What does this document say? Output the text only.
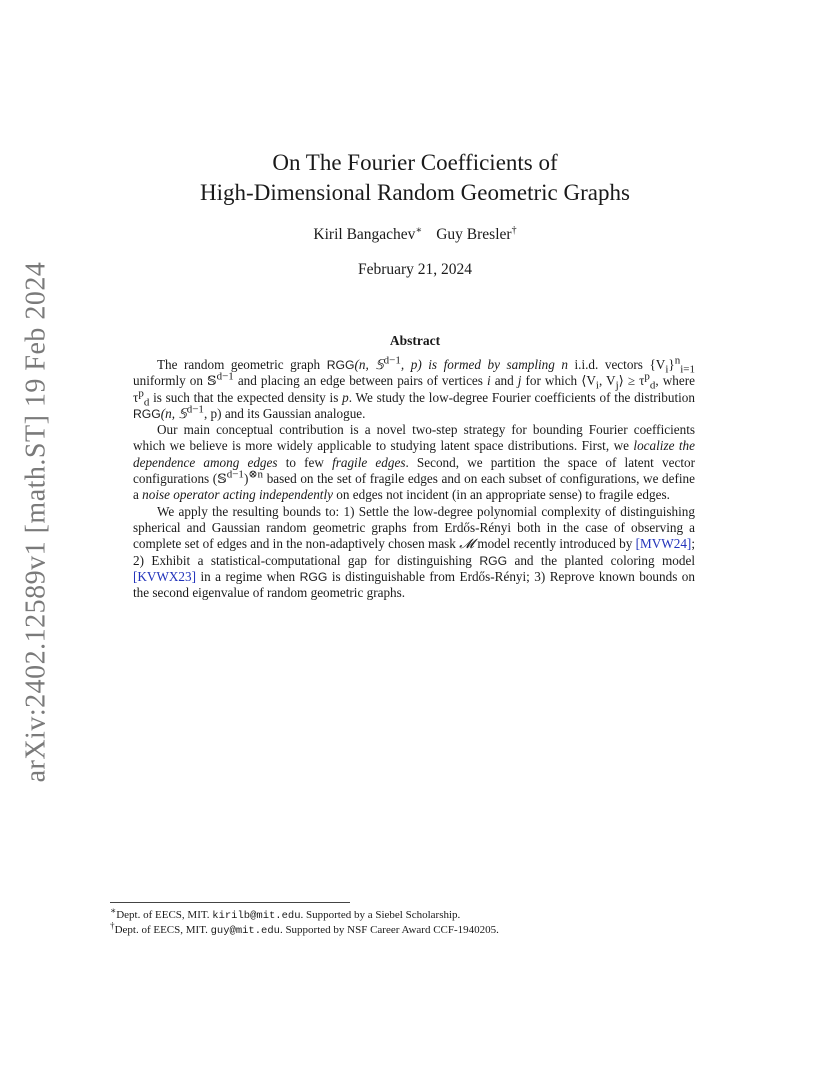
arXiv:2402.12589v1 [math.ST] 19 Feb 2024
On The Fourier Coefficients of
High-Dimensional Random Geometric Graphs
Kiril Bangachev∗ Guy Bresler†
February 21, 2024
Abstract

The random geometric graph RGG(n, 𝕊$^{d-1}$, p) is formed by sampling n i.i.d. vectors $\{V_i\}^n_{i=1}$ uniformly on 𝕊$^{d-1}$ and placing an edge between pairs of vertices i and j for which $⟨V_i$, $V_j⟩ \ge \tau^p_d$, where $\tau^p_d$ is such that the expected density is p. We study the low-degree Fourier coefficients of the distribution RGG(n, 𝕊$^{d-1}$, p) and its Gaussian analogue.

Our main conceptual contribution is a novel two-step strategy for bounding Fourier coefficients which we believe is more widely applicable to studying latent space distributions. First, we localize the dependence among edges to few fragile edges. Second, we partition the space of latent vector configurations (𝕊$^{d-1}$)$^{\otimes n}$ based on the set of fragile edges and on each subset of configurations, we define a noise operator acting independently on edges not incident (in an appropriate sense) to fragile edges.

We apply the resulting bounds to: 1) Settle the low-degree polynomial complexity of distinguishing spherical and Gaussian random geometric graphs from Erdős-Rényi both in the case of observing a complete set of edges and in the non-adaptively chosen mask 𝓜 model recently introduced by [MVW24]; 2) Exhibit a statistical-computational gap for distinguishing RGG and the planted coloring model [KVWX23] in a regime when RGG is distinguishable from Erdős-Rényi; 3) Reprove known bounds on the second eigenvalue of random geometric graphs.

∗Dept. of EECS, MIT. kirilb@mit.edu. Supported by a Siebel Scholarship.
†Dept. of EECS, MIT. guy@mit.edu. Supported by NSF Career Award CCF-1940205.
